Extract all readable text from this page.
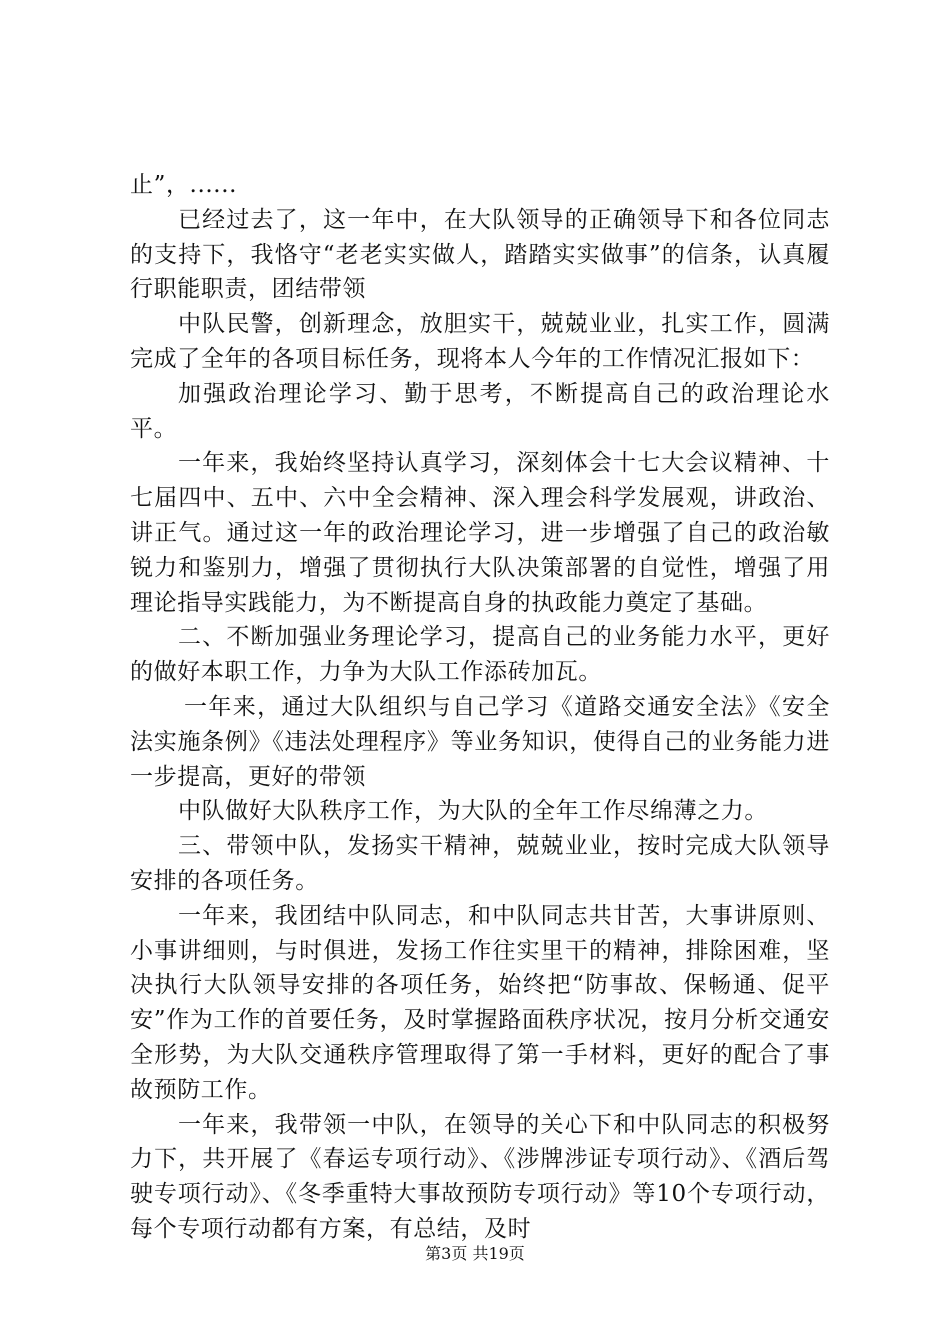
止”，......

已经过去了，这一年中，在大队领导的正确领导下和各位同志的支持下，我恪守“老老实实做人，踏踏实实做事”的信条，认真履行职能职责，团结带领

中队民警，创新理念，放胆实干，兢兢业业，扎实工作，圆满完成了全年的各项目标任务，现将本人今年的工作情况汇报如下：

加强政治理论学习、勤于思考，不断提高自己的政治理论水平。

一年来，我始终坚持认真学习，深刻体会十七大会议精神、十七届四中、五中、六中全会精神、深入理会科学发展观，讲政治、讲正气。通过这一年的政治理论学习，进一步增强了自己的政治敏锐力和鉴别力，增强了贯彻执行大队决策部署的自觉性，增强了用理论指导实践能力，为不断提高自身的执政能力奠定了基础。

二、不断加强业务理论学习，提高自己的业务能力水平，更好的做好本职工作，力争为大队工作添砖加瓦。

一年来，通过大队组织与自己学习《道路交通安全法》《安全法实施条例》《违法处理程序》等业务知识，使得自己的业务能力进一步提高，更好的带领

中队做好大队秩序工作，为大队的全年工作尽绵薄之力。

三、带领中队，发扬实干精神，兢兢业业，按时完成大队领导安排的各项任务。

一年来，我团结中队同志，和中队同志共甘苦，大事讲原则、小事讲细则，与时俱进，发扬工作往实里干的精神，排除困难，坚决执行大队领导安排的各项任务，始终把“防事故、保畅通、促平安”作为工作的首要任务，及时掌握路面秩序状况，按月分析交通安全形势，为大队交通秩序管理取得了第一手材料，更好的配合了事故预防工作。

一年来，我带领一中队，在领导的关心下和中队同志的积极努力下，共开展了《春运专项行动》、《涉牌涉证专项行动》、《酒后驾驶专项行动》、《冬季重特大事故预防专项行动》等10个专项行动，每个专项行动都有方案，有总结，及时

第3页 共19页
